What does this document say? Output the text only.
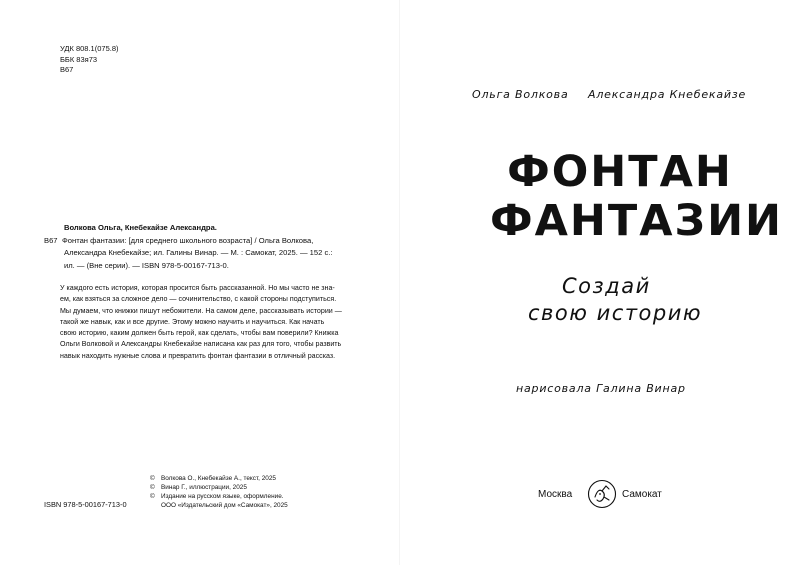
УДК 808.1(075.8)
ББК 83я73
В67
Волкова Ольга, Кнебекайзе Александра.
В67 Фонтан фантазии: [для среднего школьного возраста] / Ольга Волкова,
Александра Кнебекайзе; ил. Галины Винар. — М. : Самокат, 2025. — 152 с.:
ил. — (Вне серии). — ISBN 978-5-00167-713-0.
У каждого есть история, которая просится быть рассказанной. Но мы часто не зна-
ем, как взяться за сложное дело — сочинительство, с какой стороны подступиться.
Мы думаем, что книжки пишут небожители. На самом деле, рассказывать истории —
такой же навык, как и все другие. Этому можно научить и научиться. Как начать
свою историю, каким должен быть герой, как сделать, чтобы вам поверили? Книжка
Ольги Волковой и Александры Кнебекайзе написана как раз для того, чтобы развить
навык находить нужные слова и превратить фонтан фантазии в отличный рассказ.
© Волкова О., Кнебекайзе А., текст, 2025
© Винар Г., иллюстрации, 2025
© Издание на русском языке, оформление.
ООО «Издательский дом «Самокат», 2025
ISBN 978-5-00167-713-0
Ольга Волкова Александра Кнебекайзе
ФОНТАН
ФАНТАЗИИ
Создай
свою историю
нарисовала Галина Винар
Москва	Самокат
